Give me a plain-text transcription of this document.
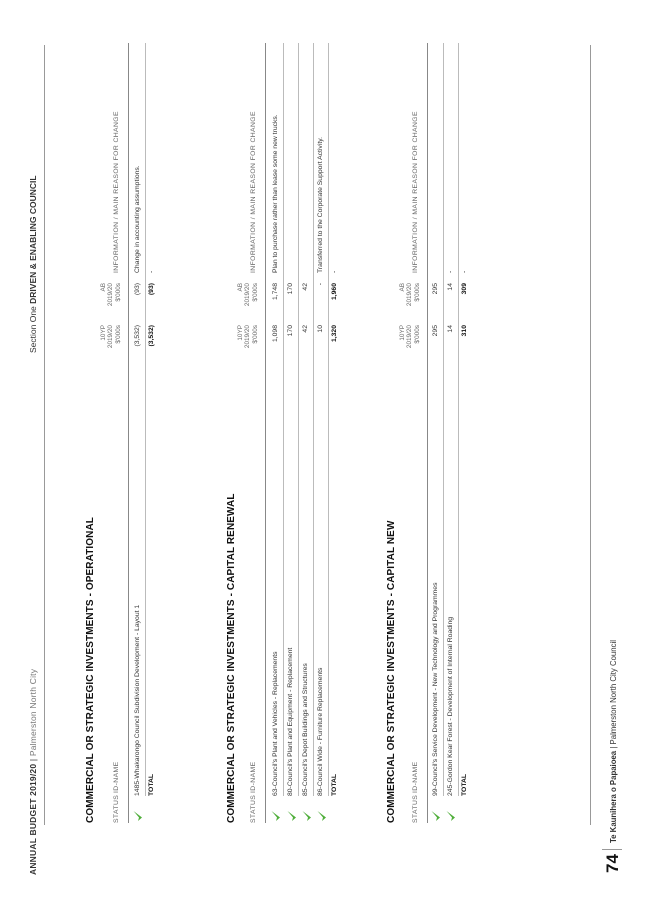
ANNUAL BUDGET 2019/20 | Palmerston North City
Section One DRIVEN & ENABLING COUNCIL
COMMERCIAL OR STRATEGIC INVESTMENTS - OPERATIONAL	STATUS
ID-NAME
10YP 2019/20 $'000s
AB 2019/20 $'000s
INFORMATION / MAIN REASON FOR CHANGE
1485-Whakarongo Council Subdivision Development - Layout 1
(3,532)
(93)
Change in accounting assumptions.
TOTAL
(3,532)
(93)
-
COMMERCIAL OR STRATEGIC INVESTMENTS - CAPITAL RENEWAL STATUS
ID-NAME
10YP 2019/20 $'000s
AB 2019/20 $'000s
INFORMATION / MAIN REASON FOR CHANGE
63-Council's Plant and Vehicles - Replacements
1,098
1,748
Plan to purchase rather than lease some new trucks.
80-Council's Plant and Equipment - Replacement
170
170
85-Council's Depot Buildings and Structures
42
42
86-Council Wide - Furniture Replacements
10
-
Transferred to the Corporate Support Activity.
TOTAL
1,320
1,960
-
COMMERCIAL OR STRATEGIC INVESTMENTS - CAPITAL NEW STATUS
ID-NAME
10YP 2019/20 $'000s
AB 2019/20 $'000s
INFORMATION / MAIN REASON FOR CHANGE
99-Council's Service Development - New Technology and Programmes
295
295
245-Gordon Kear Forest - Development of Internal Roading
14
14
-
TOTAL
310
309
-
74
Te Kaunihera o Papaioea | Palmerston North City Council
